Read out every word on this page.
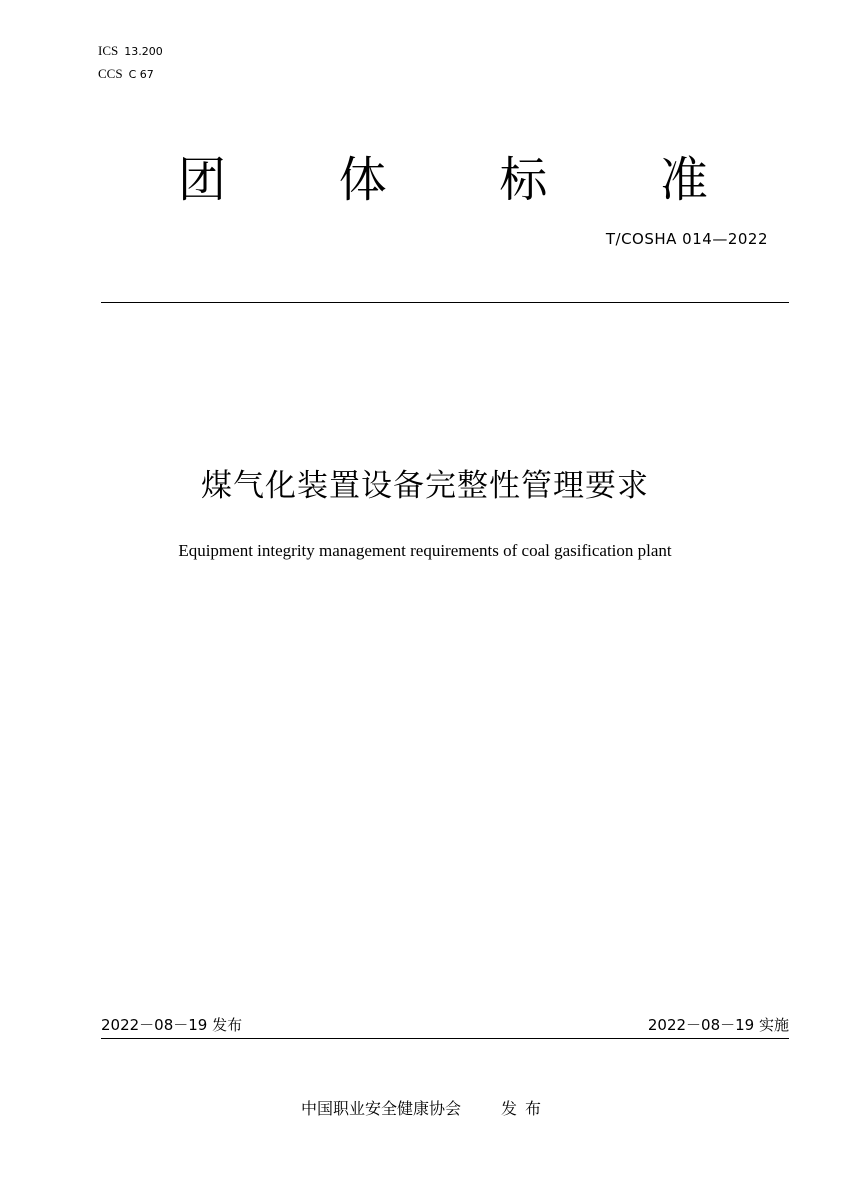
ICS 13.200
CCS C 67
团 体 标 准
T/COSHA 014—2022
煤气化装置设备完整性管理要求
Equipment integrity management requirements of coal gasification plant
2022－08－19 发布	2022－08－19 实施
中国职业安全健康协会	发布
